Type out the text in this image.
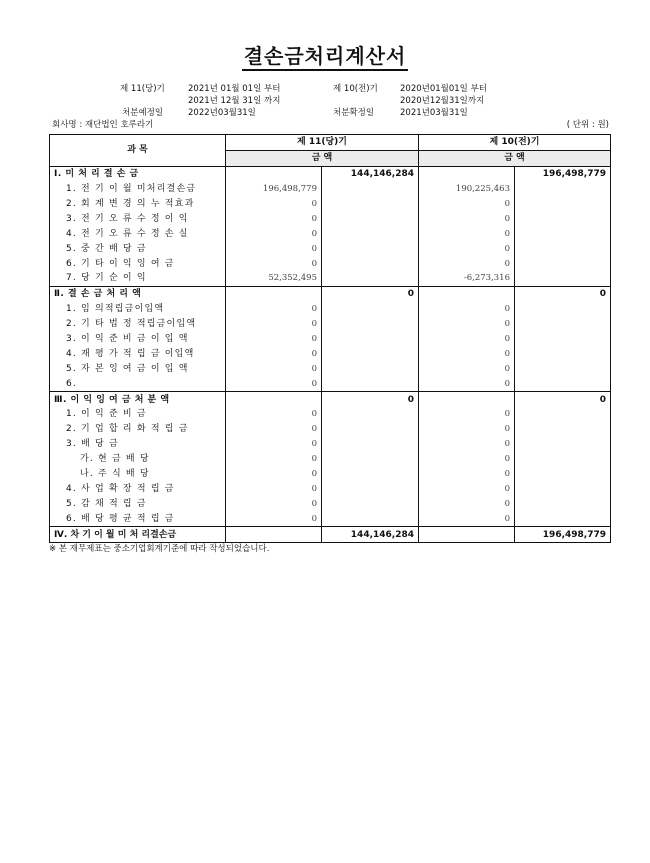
결손금처리계산서
제 11(당)기	2021년 01월 01일 부터
2021년 12월 31일 까지
처분예정일	2022년03월31일
제 10(전)기	2020년01월01일 부터
2020년12월31일까지
처분확정일	2021년03월31일
회사명 : 재단법인 호루라기	( 단위 : 원)
과 목	제 11(당)기		제 10(전)기	
	금 액		금 액	
Ⅰ. 미 처 리 결 손 금		144,146,284		196,498,779
1. 전 기 이 월 미처리결손금	196,498,779		190,225,463	
2. 회 계 변 경 의 누 적효과	0		0	
3. 전 기 오 류 수 정 이 익	0		0	
4. 전 기 오 류 수 정 손 실	0		0	
5. 중 간 배 당 금	0		0	
6. 기 타 이 익 잉 여 금	0		0	
7. 당 기 순 이 익	52,352,495		-6,273,316	
Ⅱ. 결 손 금 처 리 액		0		0
1. 임 의적립금이입액	0		0	
2. 기 타 법 정 적립금이입액	0		0	
3. 이 익 준 비 금 이 입 액	0		0	
4. 재 평 가 적 립 금 이입액	0		0	
5. 자 본 잉 여 금 이 입 액	0		0	
6.	0		0	
Ⅲ. 이 익 잉 여 금 처 분 액		0		0
1. 이 익 준 비 금	0		0	
2. 기 업 합 리 화 적 립 금	0		0	
3. 배 당 금	0		0	
가. 현 금 배 당	0		0	
나. 주 식 배 당	0		0	
4. 사 업 확 장 적 립 금	0		0	
5. 감 채 적 립 금	0		0	
6. 배 당 평 균 적 립 금	0		0	
Ⅳ. 차 기 이 월 미 처 리결손금		144,146,284		196,498,779
※ 본 재무제표는 중소기업회계기준에 따라 작성되었습니다.
